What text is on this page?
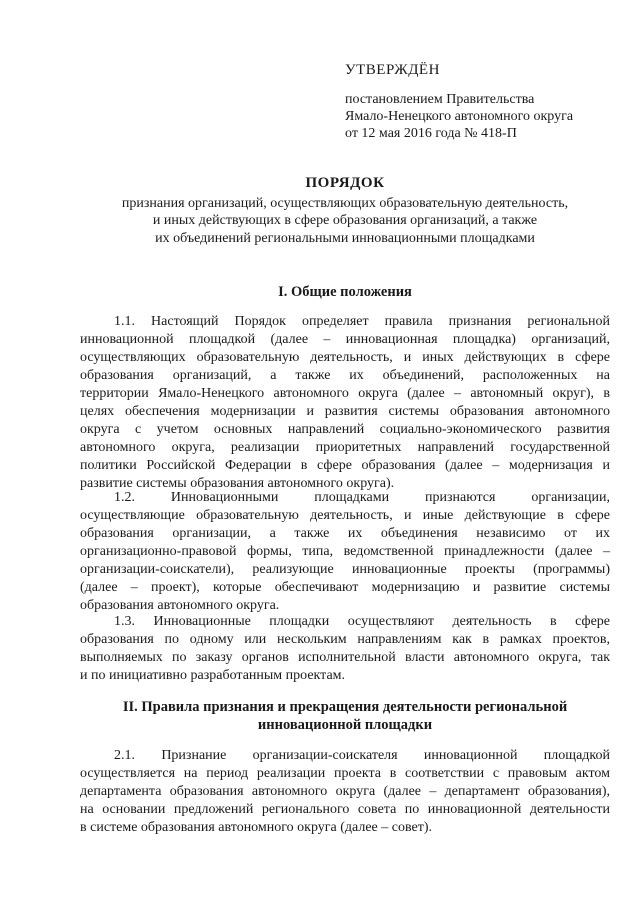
УТВЕРЖДЁН
постановлением Правительства
Ямало-Ненецкого автономного округа
от 12 мая 2016 года № 418-П
ПОРЯДОК
признания организаций, осуществляющих образовательную деятельность,
и иных действующих в сфере образования организаций, а также
их объединений региональными инновационными площадками
I. Общие положения

1.1. Настоящий Порядок определяет правила признания региональной
инновационной площадкой (далее – инновационная площадка) организаций,
осуществляющих образовательную деятельность, и иных действующих в сфере
образования организаций, а также их объединений, расположенных на
территории Ямало-Ненецкого автономного округа (далее – автономный округ), в
целях обеспечения модернизации и развития системы образования автономного
округа с учетом основных направлений социально-экономического развития
автономного округа, реализации приоритетных направлений государственной
политики Российской Федерации в сфере образования (далее – модернизация и
развитие системы образования автономного округа).

1.2. Инновационными площадками признаются организации,
осуществляющие образовательную деятельность, и иные действующие в сфере
образования организации, а также их объединения независимо от их
организационно-правовой формы, типа, ведомственной принадлежности (далее –
организации-соискатели), реализующие инновационные проекты (программы)
(далее – проект), которые обеспечивают модернизацию и развитие системы
образования автономного округа.

1.3. Инновационные площадки осуществляют деятельность в сфере
образования по одному или нескольким направлениям как в рамках проектов,
выполняемых по заказу органов исполнительной власти автономного округа, так
и по инициативно разработанным проектам.

II. Правила признания и прекращения деятельности региональной
инновационной площадки

2.1. Признание организации-соискателя инновационной площадкой
осуществляется на период реализации проекта в соответствии с правовым актом
департамента образования автономного округа (далее – департамент образования),
на основании предложений регионального совета по инновационной деятельности
в системе образования автономного округа (далее – совет).
